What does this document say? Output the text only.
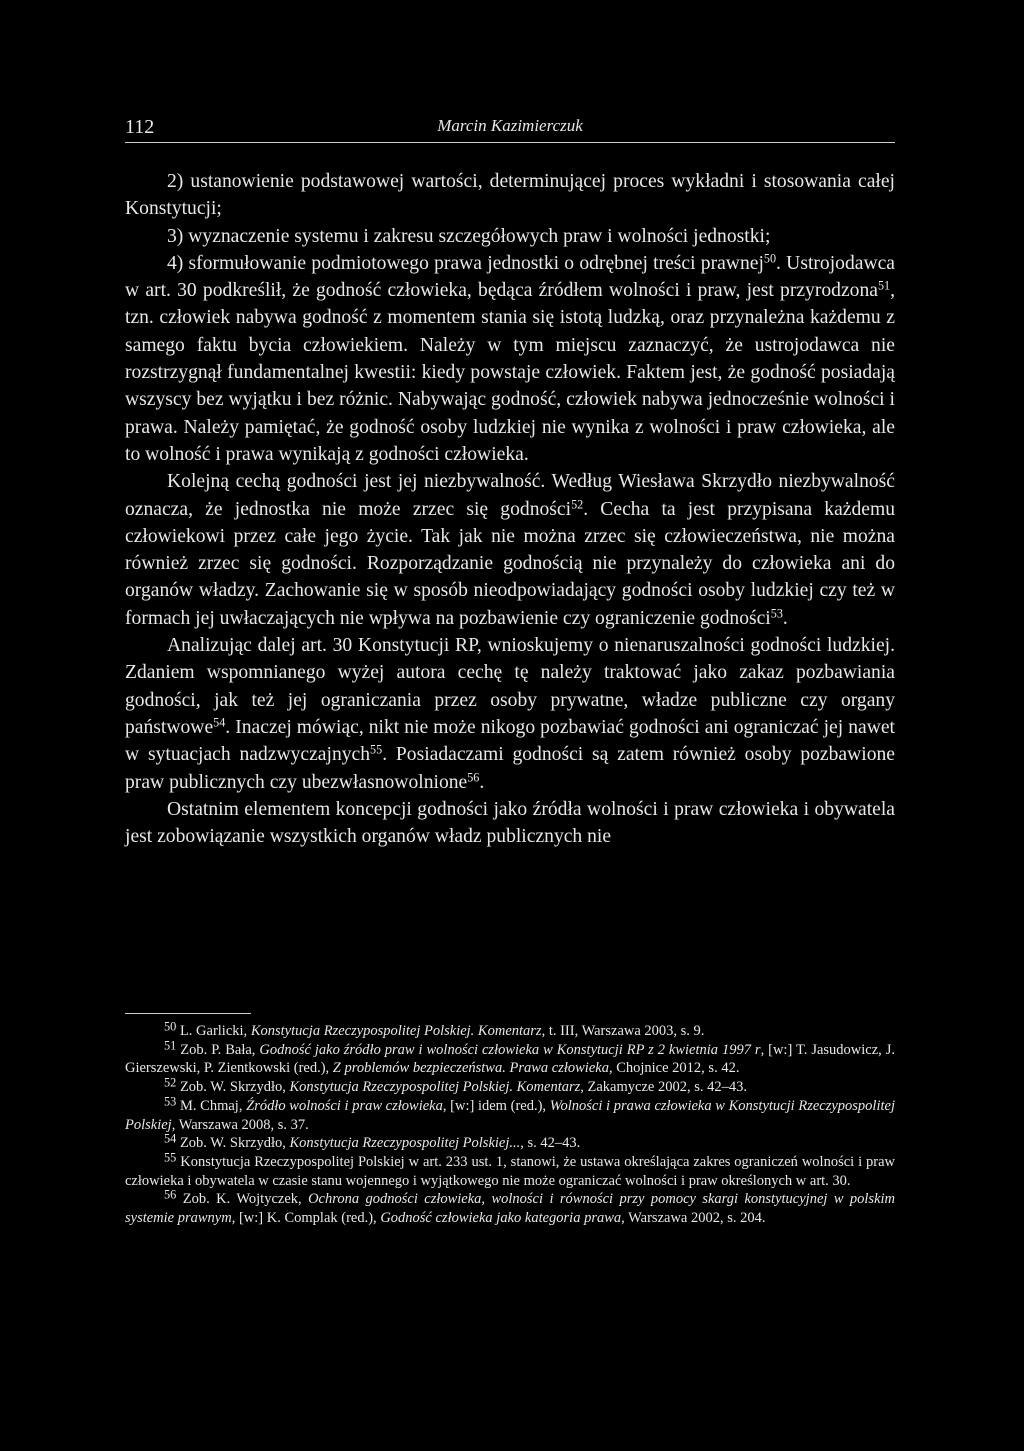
112	Marcin Kazimierczuk

2) ustanowienie podstawowej wartości, determinującej proces wykładni i stosowania całej Konstytucji;

3) wyznaczenie systemu i zakresu szczegółowych praw i wolności jednostki;

4) sformułowanie podmiotowego prawa jednostki o odrębnej treści prawnej$^{50}$. Ustrojodawca w art. 30 podkreślił, że godność człowieka, będąca źródłem wolności i praw, jest przyrodzona$^{51}$, tzn. człowiek nabywa godność z momentem stania się istotą ludzką, oraz przynależna każdemu z samego faktu bycia człowiekiem. Należy w tym miejscu zaznaczyć, że ustrojodawca nie rozstrzygnął fundamentalnej kwestii: kiedy powstaje człowiek. Faktem jest, że godność posiadają wszyscy bez wyjątku i bez różnic. Nabywając godność, człowiek nabywa jednocześnie wolności i prawa. Należy pamiętać, że godność osoby ludzkiej nie wynika z wolności i praw człowieka, ale to wolność i prawa wynikają z godności człowieka.

Kolejną cechą godności jest jej niezbywalność. Według Wiesława Skrzydło niezbywalność oznacza, że jednostka nie może zrzec się godności$^{52}$. Cecha ta jest przypisana każdemu człowiekowi przez całe jego życie. Tak jak nie można zrzec się człowieczeństwa, nie można również zrzec się godności. Rozporządzanie godnością nie przynależy do człowieka ani do organów władzy. Zachowanie się w sposób nieodpowiadający godności osoby ludzkiej czy też w formach jej uwłaczających nie wpływa na pozbawienie czy ograniczenie godności$^{53}$.

Analizując dalej art. 30 Konstytucji RP, wnioskujemy o nienaruszalności godności ludzkiej. Zdaniem wspomnianego wyżej autora cechę tę należy traktować jako zakaz pozbawiania godności, jak też jej ograniczania przez osoby prywatne, władze publiczne czy organy państwowe$^{54}$. Inaczej mówiąc, nikt nie może nikogo pozbawiać godności ani ograniczać jej nawet w sytuacjach nadzwyczajnych$^{55}$. Posiadaczami godności są zatem również osoby pozbawione praw publicznych czy ubezwłasnowolnione$^{56}$.

Ostatnim elementem koncepcji godności jako źródła wolności i praw człowieka i obywatela jest zobowiązanie wszystkich organów władz publicznych nie

$^{50}$ L. Garlicki, Konstytucja Rzeczypospolitej Polskiej. Komentarz, t. III, Warszawa 2003, s. 9.

$^{51}$ Zob. P. Bała, Godność jako źródło praw i wolności człowieka w Konstytucji RP z 2 kwietnia 1997 r, [w:] T. Jasudowicz, J. Gierszewski, P. Zientkowski (red.), Z problemów bezpieczeństwa. Prawa człowieka, Chojnice 2012, s. 42.

$^{52}$ Zob. W. Skrzydło, Konstytucja Rzeczypospolitej Polskiej. Komentarz, Zakamycze 2002, s. 42–43.

$^{53}$ M. Chmaj, Źródło wolności i praw człowieka, [w:] idem (red.), Wolności i prawa człowieka w Konstytucji Rzeczypospolitej Polskiej, Warszawa 2008, s. 37.

$^{54}$ Zob. W. Skrzydło, Konstytucja Rzeczypospolitej Polskiej..., s. 42–43.

$^{55}$ Konstytucja Rzeczypospolitej Polskiej w art. 233 ust. 1, stanowi, że ustawa określająca zakres ograniczeń wolności i praw człowieka i obywatela w czasie stanu wojennego i wyjątkowego nie może ograniczać wolności i praw określonych w art. 30.

$^{56}$ Zob. K. Wojtyczek, Ochrona godności człowieka, wolności i równości przy pomocy skargi konstytucyjnej w polskim systemie prawnym, [w:] K. Complak (red.), Godność człowieka jako kategoria prawa, Warszawa 2002, s. 204.
